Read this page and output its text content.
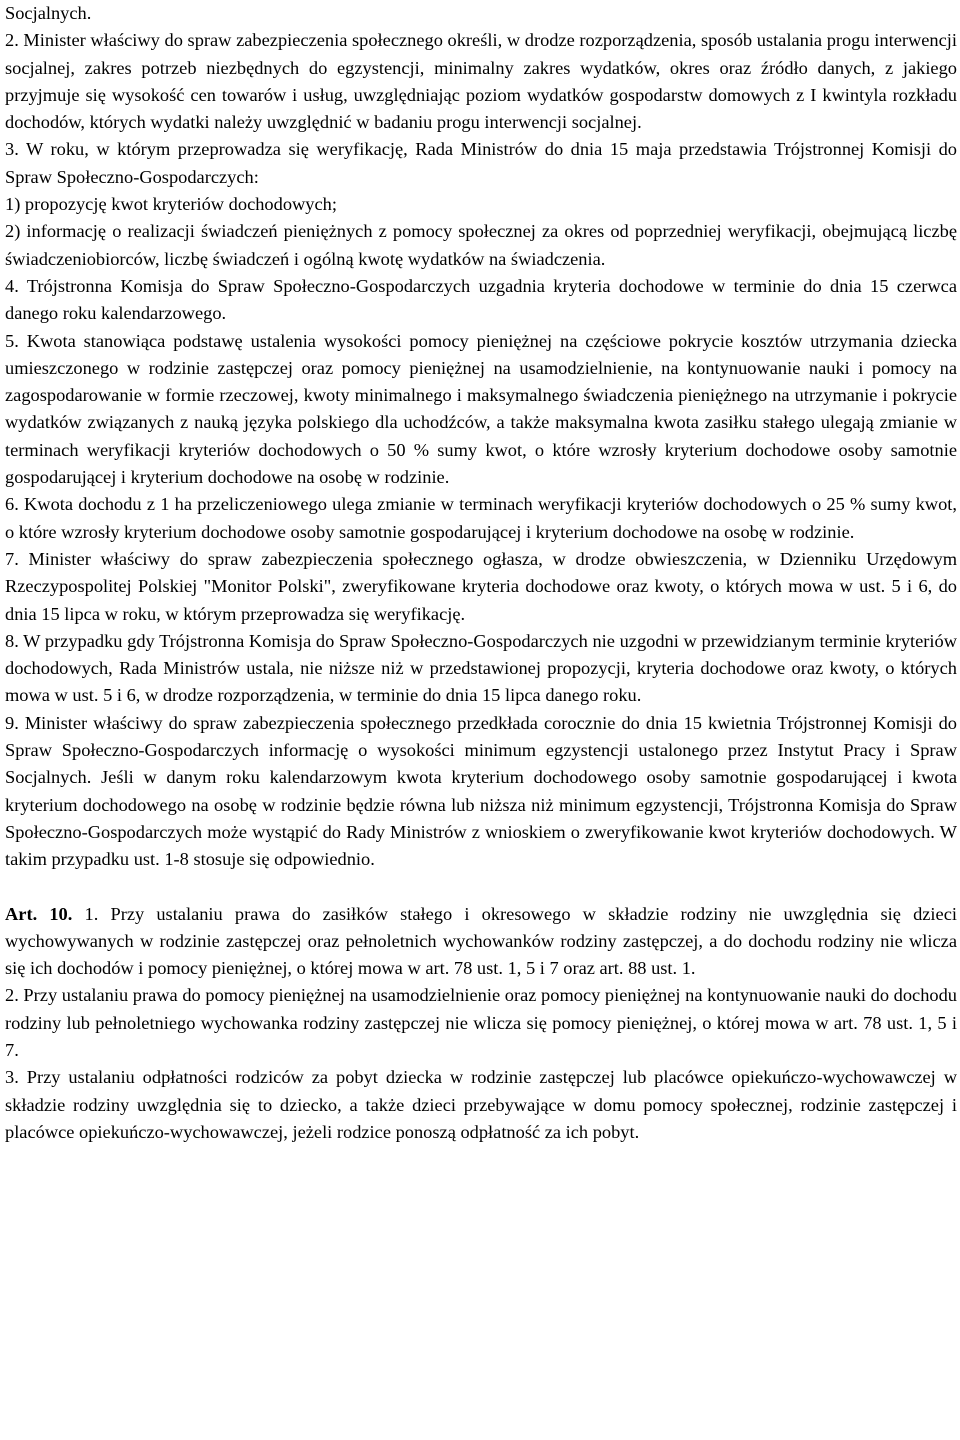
Socjalnych.

2. Minister właściwy do spraw zabezpieczenia społecznego określi, w drodze rozporządzenia, sposób ustalania progu interwencji socjalnej, zakres potrzeb niezbędnych do egzystencji, minimalny zakres wydatków, okres oraz źródło danych, z jakiego przyjmuje się wysokość cen towarów i usług, uwzględniając poziom wydatków gospodarstw domowych z I kwintyla rozkładu dochodów, których wydatki należy uwzględnić w badaniu progu interwencji socjalnej.

3. W roku, w którym przeprowadza się weryfikację, Rada Ministrów do dnia 15 maja przedstawia Trójstronnej Komisji do Spraw Społeczno-Gospodarczych:

1) propozycję kwot kryteriów dochodowych;

2) informację o realizacji świadczeń pieniężnych z pomocy społecznej za okres od poprzedniej weryfikacji, obejmującą liczbę świadczeniobiorców, liczbę świadczeń i ogólną kwotę wydatków na świadczenia.

4. Trójstronna Komisja do Spraw Społeczno-Gospodarczych uzgadnia kryteria dochodowe w terminie do dnia 15 czerwca danego roku kalendarzowego.

5. Kwota stanowiąca podstawę ustalenia wysokości pomocy pieniężnej na częściowe pokrycie kosztów utrzymania dziecka umieszczonego w rodzinie zastępczej oraz pomocy pieniężnej na usamodzielnienie, na kontynuowanie nauki i pomocy na zagospodarowanie w formie rzeczowej, kwoty minimalnego i maksymalnego świadczenia pieniężnego na utrzymanie i pokrycie wydatków związanych z nauką języka polskiego dla uchodźców, a także maksymalna kwota zasiłku stałego ulegają zmianie w terminach weryfikacji kryteriów dochodowych o 50 % sumy kwot, o które wzrosły kryterium dochodowe osoby samotnie gospodarującej i kryterium dochodowe na osobę w rodzinie.

6. Kwota dochodu z 1 ha przeliczeniowego ulega zmianie w terminach weryfikacji kryteriów dochodowych o 25 % sumy kwot, o które wzrosły kryterium dochodowe osoby samotnie gospodarującej i kryterium dochodowe na osobę w rodzinie.

7. Minister właściwy do spraw zabezpieczenia społecznego ogłasza, w drodze obwieszczenia, w Dzienniku Urzędowym Rzeczypospolitej Polskiej "Monitor Polski", zweryfikowane kryteria dochodowe oraz kwoty, o których mowa w ust. 5 i 6, do dnia 15 lipca w roku, w którym przeprowadza się weryfikację.

8. W przypadku gdy Trójstronna Komisja do Spraw Społeczno-Gospodarczych nie uzgodni w przewidzianym terminie kryteriów dochodowych, Rada Ministrów ustala, nie niższe niż w przedstawionej propozycji, kryteria dochodowe oraz kwoty, o których mowa w ust. 5 i 6, w drodze rozporządzenia, w terminie do dnia 15 lipca danego roku.

9. Minister właściwy do spraw zabezpieczenia społecznego przedkłada corocznie do dnia 15 kwietnia Trójstronnej Komisji do Spraw Społeczno-Gospodarczych informację o wysokości minimum egzystencji ustalonego przez Instytut Pracy i Spraw Socjalnych. Jeśli w danym roku kalendarzowym kwota kryterium dochodowego osoby samotnie gospodarującej i kwota kryterium dochodowego na osobę w rodzinie będzie równa lub niższa niż minimum egzystencji, Trójstronna Komisja do Spraw Społeczno-Gospodarczych może wystąpić do Rady Ministrów z wnioskiem o zweryfikowanie kwot kryteriów dochodowych. W takim przypadku ust. 1-8 stosuje się odpowiednio.

Art. 10. 1. Przy ustalaniu prawa do zasiłków stałego i okresowego w składzie rodziny nie uwzględnia się dzieci wychowywanych w rodzinie zastępczej oraz pełnoletnich wychowanków rodziny zastępczej, a do dochodu rodziny nie wlicza się ich dochodów i pomocy pieniężnej, o której mowa w art. 78 ust. 1, 5 i 7 oraz art. 88 ust. 1.

2. Przy ustalaniu prawa do pomocy pieniężnej na usamodzielnienie oraz pomocy pieniężnej na kontynuowanie nauki do dochodu rodziny lub pełnoletniego wychowanka rodziny zastępczej nie wlicza się pomocy pieniężnej, o której mowa w art. 78 ust. 1, 5 i 7.

3. Przy ustalaniu odpłatności rodziców za pobyt dziecka w rodzinie zastępczej lub placówce opiekuńczo-wychowawczej w składzie rodziny uwzględnia się to dziecko, a także dzieci przebywające w domu pomocy społecznej, rodzinie zastępczej i placówce opiekuńczo-wychowawczej, jeżeli rodzice ponoszą odpłatność za ich pobyt.
